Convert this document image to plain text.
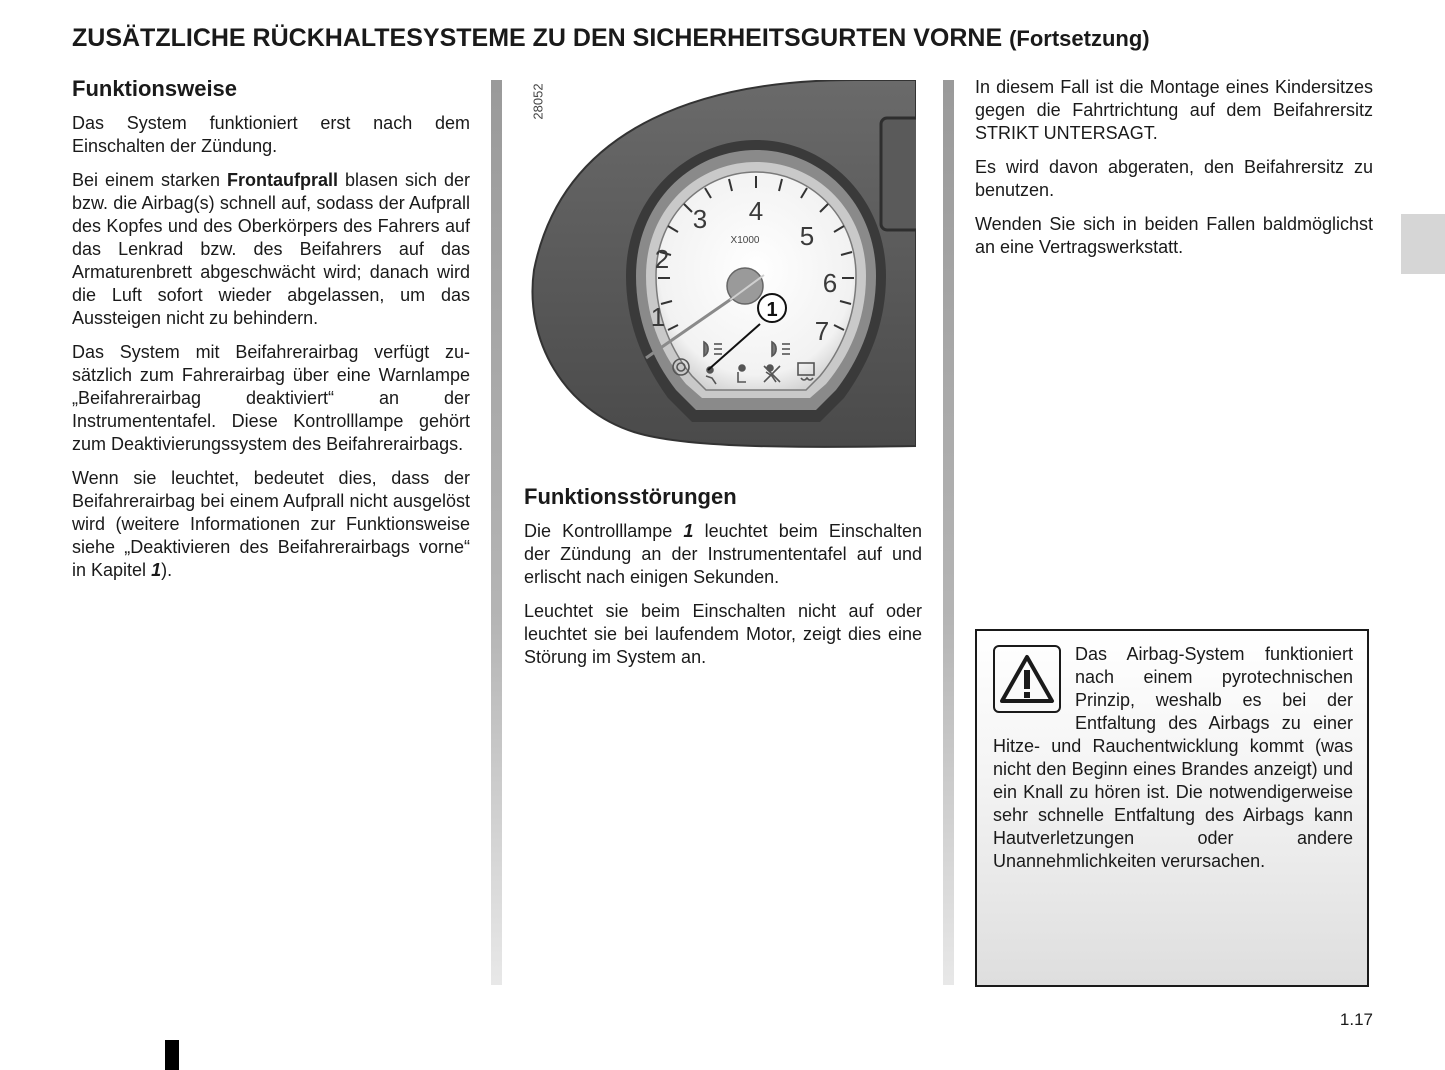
ZUSÄTZLICHE RÜCKHALTESYSTEME ZU DEN SICHERHEITSGURTEN VORNE (Fortsetzung)
Funktionsweise

Das System funktioniert erst nach dem Einschalten der Zündung.

Bei einem starken Frontaufprall blasen sich der bzw. die Airbag(s) schnell auf, sodass der Aufprall des Kopfes und des Oberkörpers des Fahrers auf das Lenkrad bzw. des Beifahrers auf das Armaturenbrett abgeschwächt wird; danach wird die Luft sofort wieder abgelassen, um das Aussteigen nicht zu behindern.

Das System mit Beifahrerairbag verfügt zusätzlich zum Fahrerairbag über eine Warnlampe „Beifahrerairbag deaktiviert“ an der Instrumententafel. Diese Kontrolllampe gehört zum Deaktivierungssystem des Beifahrerairbags.

Wenn sie leuchtet, bedeutet dies, dass der Beifahrerairbag bei einem Aufprall nicht ausgelöst wird (weitere Informationen zur Funktionsweise siehe „Deaktivieren des Beifahrerairbags vorne“ in Kapitel 1).

28052
1
2
3 4
5
6
7
X1000
1
Funktionsstörungen

Die Kontrolllampe 1 leuchtet beim Einschalten der Zündung an der Instrumententafel auf und erlischt nach einigen Sekunden.

Leuchtet sie beim Einschalten nicht auf oder leuchtet sie bei laufendem Motor, zeigt dies eine Störung im System an.

In diesem Fall ist die Montage eines Kindersitzes gegen die Fahrtrichtung auf dem Beifahrersitz STRIKT UNTERSAGT.

Es wird davon abgeraten, den Beifahrersitz zu benutzen.

Wenden Sie sich in beiden Fallen baldmöglichst an eine Vertragswerkstatt.

Das Airbag-System funktioniert nach einem pyrotechnischen Prinzip, weshalb es bei der Entfaltung des Airbags zu einer Hitze- und Rauchentwicklung kommt (was nicht den Beginn eines Brandes anzeigt) und ein Knall zu hören ist. Die notwendigerweise sehr schnelle Entfaltung des Airbags kann Hautverletzungen oder andere Unannehmlichkeiten verursachen.

1.17
